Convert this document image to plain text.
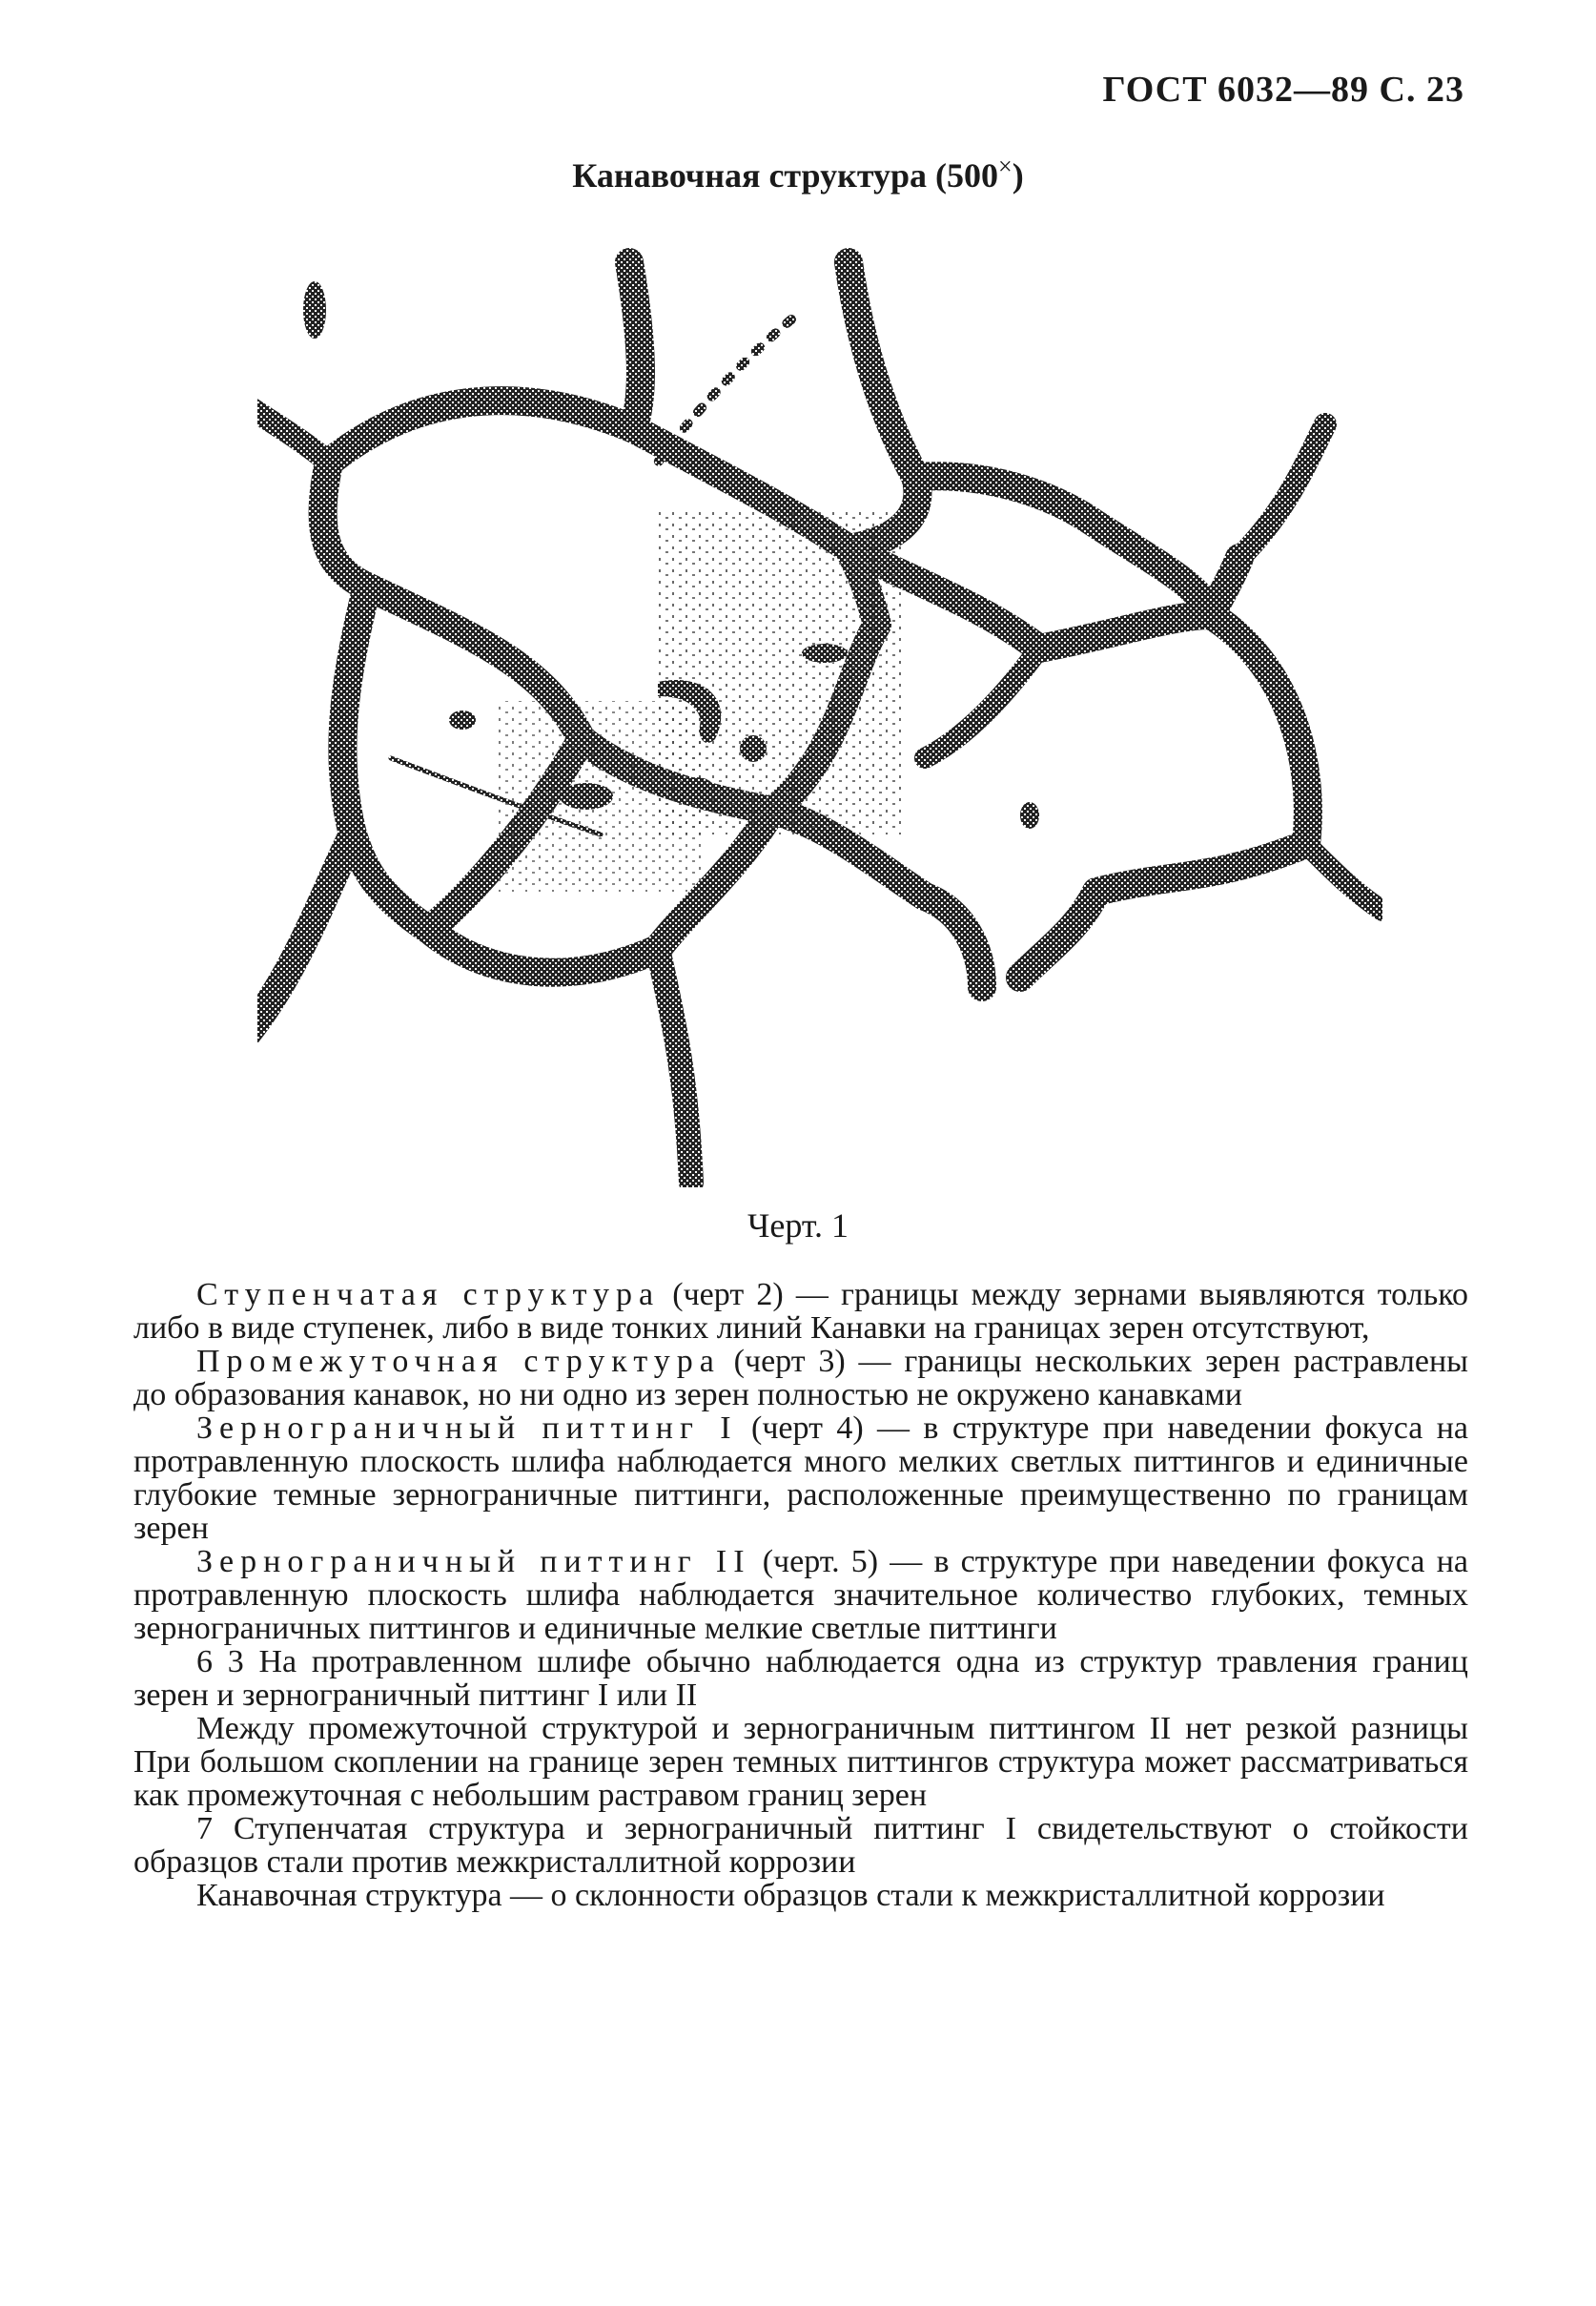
ГОСТ 6032—89 С. 23
Канавочная структура (500×)
Черт. 1

Ступенчатая структура (черт 2) — границы между зернами выявляются только либо в виде ступенек, либо в виде тонких линий Канавки на границах зерен отсутствуют,

Промежуточная структура (черт 3) — границы нескольких зерен растравлены до образования канавок, но ни одно из зерен полностью не окружено канавками

Зернограничный питтинг I (черт 4) — в структуре при наведении фокуса на протравленную плоскость шлифа наблюдается много мелких светлых питтингов и единичные глубокие темные зернограничные питтинги, расположенные преимущественно по границам зерен

Зернограничный питтинг II (черт. 5) — в структуре при наведении фокуса на протравленную плоскость шлифа наблюдается значительное количество глубоких, темных зернограничных питтингов и единичные мелкие светлые питтинги

6 3 На протравленном шлифе обычно наблюдается одна из структур травления границ зерен и зернограничный питтинг I или II

Между промежуточной структурой и зернограничным питтингом II нет резкой разницы При большом скоплении на границе зерен темных питтингов структура может рассматриваться как промежуточная с небольшим растравом границ зерен

7 Ступенчатая структура и зернограничный питтинг I свидетельствуют о стойкости образцов стали против межкристаллитной коррозии

Канавочная структура — о склонности образцов стали к межкристаллитной коррозии
